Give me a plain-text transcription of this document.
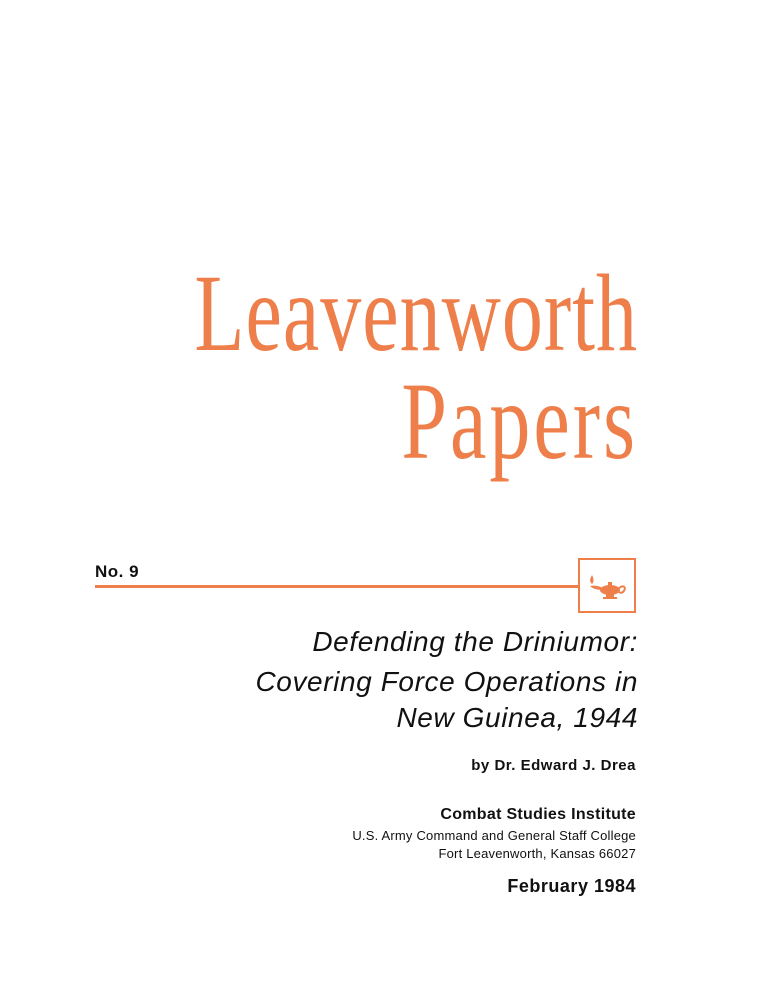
Leavenworth
Papers
No. 9
Defending the Driniumor:
Covering Force Operations in
New Guinea, 1944
by Dr. Edward J. Drea
Combat Studies Institute
U.S. Army Command and General Staff College
Fort Leavenworth, Kansas 66027
February 1984
